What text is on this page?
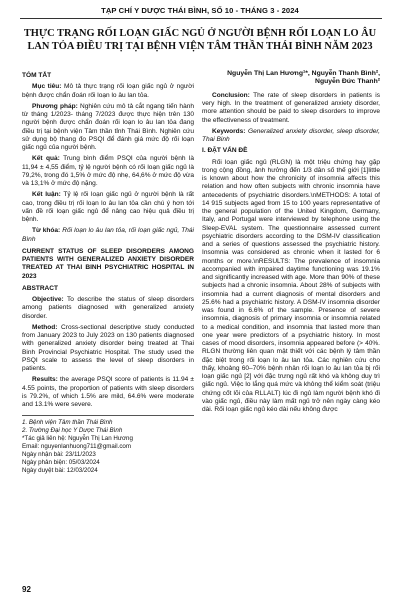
TẠP CHÍ Y DƯỢC THÁI BÌNH, SỐ 10 - THÁNG 3 - 2024
THỰC TRẠNG RỐI LOẠN GIẤC NGỦ Ở NGƯỜI BỆNH RỐI LOẠN LO ÂU LAN TỎA ĐIỀU TRỊ TẠI BỆNH VIỆN TÂM THẦN THÁI BÌNH NĂM 2023
TÓM TẮT

Mục tiêu: Mô tả thực trạng rối loạn giấc ngủ ở người bệnh được chẩn đoán rối loạn lo âu lan tỏa.

Phương pháp: Nghiên cứu mô tả cắt ngang tiến hành từ tháng 1/2023- tháng 7/2023 được thực hiện trên 130 người bệnh được chẩn đoán rối loạn lo âu lan tỏa đang điều trị tại bệnh viện Tâm thần tỉnh Thái Bình. Nghiên cứu sử dụng bộ thang đo PSQI để đánh giá mức độ rối loạn giấc ngủ của người bệnh.

Kết quả: Trung bình điểm PSQI của người bệnh là 11,94 ± 4,55 điểm, tỷ lệ người bệnh có rối loạn giấc ngủ là 79,2%, trong đó 1,5% ở mức độ nhẹ, 64,6% ở mức độ vừa và 13,1% ở mức độ nặng.

Kết luận: Tỷ lệ rối loạn giấc ngủ ở người bệnh là rất cao, trong điều trị rối loạn lo âu lan tỏa cần chú ý hơn tới vấn đề rối loạn giấc ngủ để nâng cao hiệu quả điều trị bệnh.

Từ khóa: Rối loạn lo âu lan tỏa, rối loạn giấc ngủ, Thái Bình

CURRENT STATUS OF SLEEP DISORDERS AMONG PATIENTS WITH GENERALIZED ANXIETY DISORDER TREATED AT THAI BINH PSYCHIATRIC HOSPITAL IN 2023
ABSTRACT

Objective: To describe the status of sleep disorders among patients diagnosed with generalized anxiety disorder.

Method: Cross-sectional descriptive study conducted from January 2023 to July 2023 on 130 patients diagnosed with generalized anxiety disorder being treated at Thai Binh Provincial Psychiatric Hospital. The study used the PSQI scale to assess the level of sleep disorders in patients.

Results: the average PSQI score of patients is 11.94 ± 4.55 points, the proportion of patients with sleep disorders is 79.2%, of which 1.5% are mild, 64.6% were moderate and 13.1% were severe.

1. Bệnh viện Tâm thần Thái Bình
2. Trường Đại học Y Dược Thái Bình
*Tác giả liên hệ: Nguyễn Thị Lan Hương
Email: nguyenlanhuong711@gmail.com
Ngày nhận bài: 23/11/2023
Ngày phản biện: 05/03/2024
Ngày duyệt bài: 12/03/2024
Nguyễn Thị Lan Hương¹*, Nguyễn Thanh Bình²,
Nguyễn Đức Thanh²

Conclusion: The rate of sleep disorders in patients is very high. In the treatment of generalized anxiety disorder, more attention should be paid to sleep disorders to improve the effectiveness of treatment.

Keywords: Generalized anxiety disorder, sleep disorder, Thai Binh

I. ĐẶT VẤN ĐỀ

Rối loạn giấc ngủ (RLGN) là một triệu chứng hay gặp trong cộng đồng, ảnh hưởng đến 1/3 dân số thế giới [1]little is known about how the chronicity of insomnia affects this relation and how often subjects with chronic insomnia have antecedents of psychiatric disorders.\nMETHODS: A total of 14 915 subjects aged from 15 to 100 years representative of the general population of the United Kingdom, Germany, Italy, and Portugal were interviewed by telephone using the Sleep-EVAL system. The questionnaire assessed current psychiatric disorders according to the DSM-IV classification and a series of questions assessed the psychiatric history. Insomnia was considered as chronic when it lasted for 6 months or more.\nRESULTS: The prevalence of insomnia accompanied with impaired daytime functioning was 19.1% and significantly increased with age. More than 90% of these subjects had a chronic insomnia. About 28% of subjects with insomnia had a current diagnosis of mental disorders and 25.6% had a psychiatric history. A DSM-IV insomnia disorder was found in 6.6% of the sample. Presence of severe insomnia, diagnosis of primary insomnia or insomnia related to a medical condition, and insomnia that lasted more than one year were predictors of a psychiatric history. In most cases of mood disorders, insomnia appeared before (> 40%. RLGN thường liên quan mật thiết với các bệnh lý tâm thần đặc biệt trong rối loạn lo âu lan tỏa. Các nghiên cứu cho thấy, khoảng 60–70% bệnh nhân rối loạn lo âu lan tỏa bị rối loạn giấc ngủ [2] với đặc trưng ngủ rất khó và không duy trì giấc ngủ. Việc lo lắng quá mức và không thể kiểm soát (triệu chứng cốt lõi của RLLALT) lúc đi ngủ làm người bệnh khó đi vào giấc ngủ, điều này làm mất ngủ trở nên ngày càng kéo dài. Rối loạn giấc ngủ kéo dài nếu không được

92
